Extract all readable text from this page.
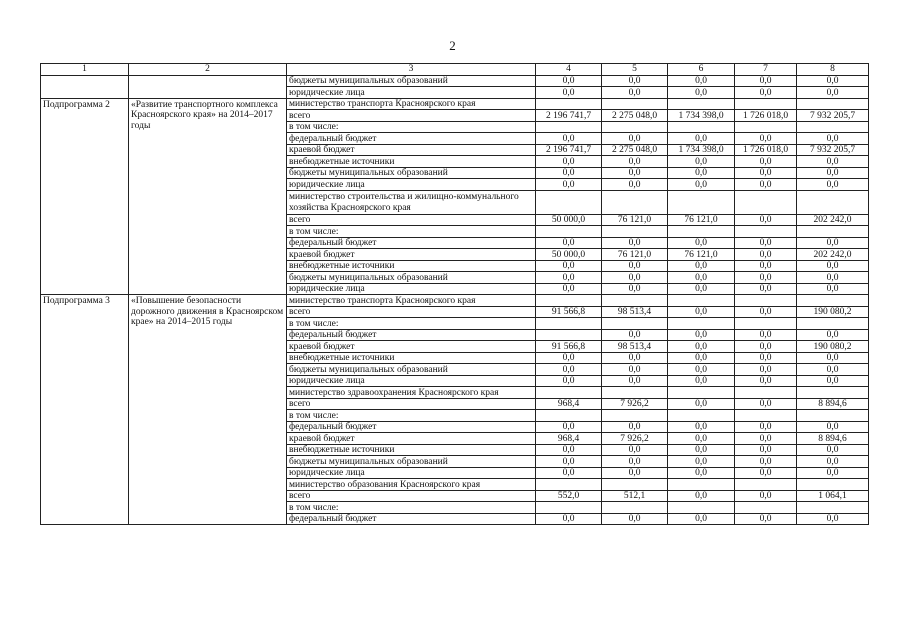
2
1	2	3	4	5	6	7	8
		бюджеты муниципальных образований	0,0	0,0	0,0	0,0	0,0
		юридические лица	0,0	0,0	0,0	0,0	0,0
Подпрограмма 2	«Развитие транспортного комплекса Красноярского края» на 2014–2017 годы	министерство транспорта Красноярского края					
		всего	2 196 741,7	2 275 048,0	1 734 398,0	1 726 018,0	7 932 205,7
		в том числе:					
		федеральный бюджет	0,0	0,0	0,0	0,0	0,0
		краевой бюджет	2 196 741,7	2 275 048,0	1 734 398,0	1 726 018,0	7 932 205,7
		внебюджетные источники	0,0	0,0	0,0	0,0	0,0
		бюджеты муниципальных образований	0,0	0,0	0,0	0,0	0,0
		юридические лица	0,0	0,0	0,0	0,0	0,0
		министерство строительства и жилищно-коммунального хозяйства Красноярского края					
		всего	50 000,0	76 121,0	76 121,0	0,0	202 242,0
		в том числе:					
		федеральный бюджет	0,0	0,0	0,0	0,0	0,0
		краевой бюджет	50 000,0	76 121,0	76 121,0	0,0	202 242,0
		внебюджетные источники	0,0	0,0	0,0	0,0	0,0
		бюджеты муниципальных образований	0,0	0,0	0,0	0,0	0,0
		юридические лица	0,0	0,0	0,0	0,0	0,0
Подпрограмма 3	«Повышение безопасности дорожного движения в Красноярском крае» на 2014–2015 годы	министерство транспорта Красноярского края					
		всего	91 566,8	98 513,4	0,0	0,0	190 080,2
		в том числе:					
		федеральный бюджет		0,0	0,0	0,0	0,0
		краевой бюджет	91 566,8	98 513,4	0,0	0,0	190 080,2
		внебюджетные источники	0,0	0,0	0,0	0,0	0,0
		бюджеты муниципальных образований	0,0	0,0	0,0	0,0	0,0
		юридические лица	0,0	0,0	0,0	0,0	0,0
		министерство здравоохранения Красноярского края					
		всего	968,4	7 926,2	0,0	0,0	8 894,6
		в том числе:					
		федеральный бюджет	0,0	0,0	0,0	0,0	0,0
		краевой бюджет	968,4	7 926,2	0,0	0,0	8 894,6
		внебюджетные источники	0,0	0,0	0,0	0,0	0,0
		бюджеты муниципальных образований	0,0	0,0	0,0	0,0	0,0
		юридические лица	0,0	0,0	0,0	0,0	0,0
		министерство образования Красноярского края					
		всего	552,0	512,1	0,0	0,0	1 064,1
		в том числе:					
		федеральный бюджет	0,0	0,0	0,0	0,0	0,0
